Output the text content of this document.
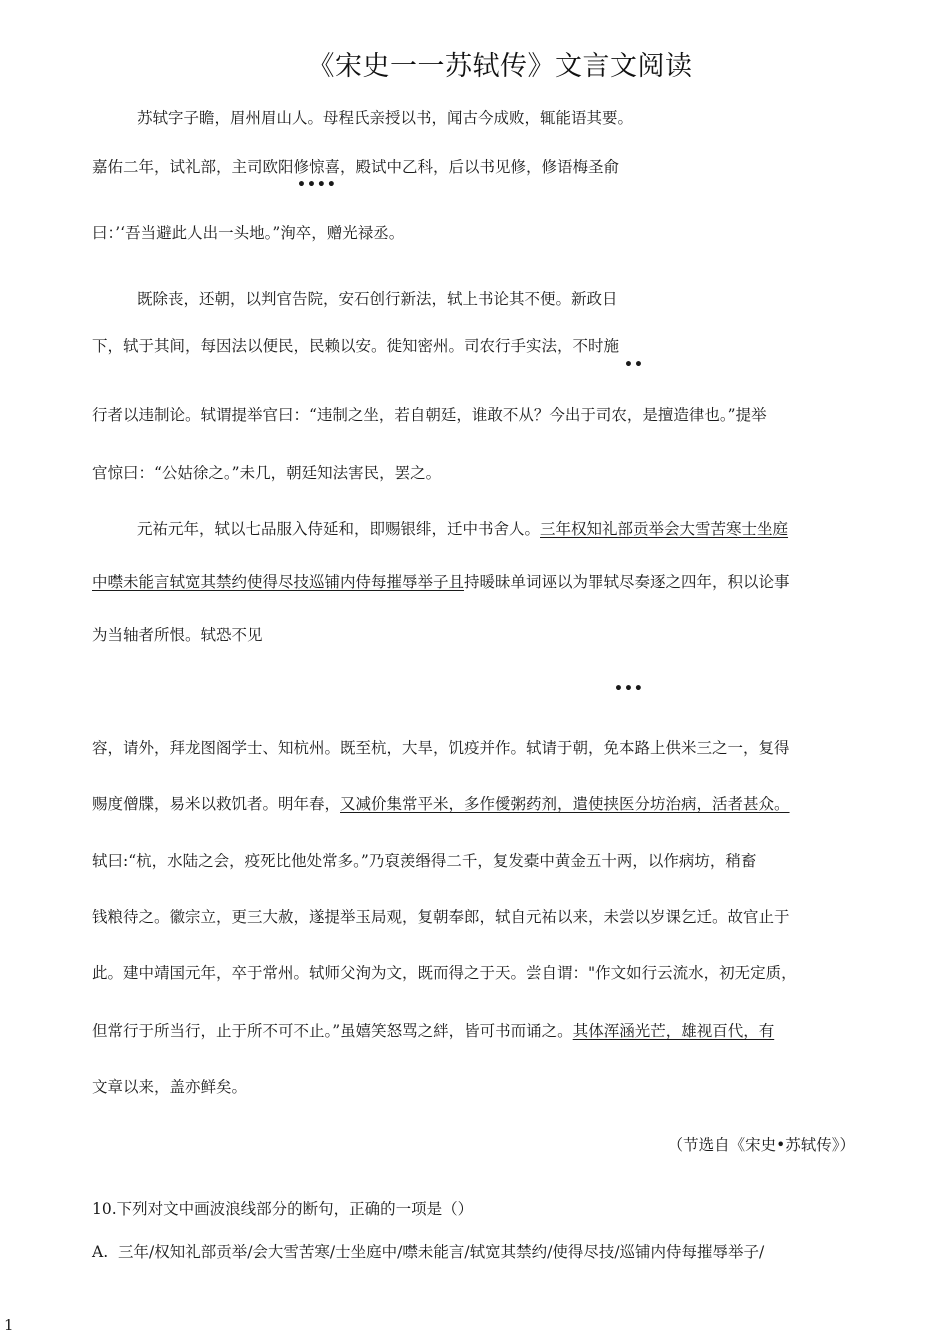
《宋史一一苏轼传》文言文阅读
苏轼字子瞻，眉州眉山人。母程氏亲授以书，闻古今成败，辄能语其要。
嘉佑二年，试礼部，主司欧阳修惊喜，殿试中乙科，后以书见修，修语梅圣俞
••••
曰：’‘吾当避此人出一头地。”洵卒，赠光禄丞。
既除丧，还朝，以判官告院，安石创行新法，轼上书论其不便。新政日
下，轼于其间，每因法以便民，民赖以安。徙知密州。司农行手实法，不时施
••
行者以违制论。轼谓提举官曰：“违制之坐，若自朝廷，谁敢不从？今出于司农，是擅造律也。”提举
官惊曰：“公姑徐之。”未几，朝廷知法害民，罢之。
元祐元年，轼以七品服入侍延和，即赐银绯，迁中书舍人。三年权知礼部贡举会大雪苦寒士坐庭
中噤未能言轼宽其禁约使得尽技巡铺内侍每摧辱举子且持暖昧单词诬以为罪轼尽奏逐之四年，积以论事
为当轴者所恨。轼恐不见
•••
容，请外，拜龙图阁学士、知杭州。既至杭，大旱，饥疫并作。轼请于朝，免本路上供米三之一，复得
赐度僧牒，易米以救饥者。明年春，又减价集常平米，多作僾粥药剂，遣使挟医分坊治病，活者甚众。
轼曰:“杭，水陆之会，疫死比他处常多。”乃裒羡缗得二千，复发橐中黄金五十两，以作病坊，稍畜
钱粮待之。徽宗立，更三大赦，遂提举玉局观，复朝奉郎，轼自元祐以来，未尝以岁课乞迁。故官止于
此。建中靖国元年，卒于常州。轼师父洵为文，既而得之于天。尝自谓："作文如行云流水，初无定质，
但常行于所当行，止于所不可不止。”虽嬉笑怒骂之絆，皆可书而诵之。其体浑涵光芒，雄视百代，有
文章以来，盖亦鲜矣。
（节选自《宋史•苏轼传》）
10.下列对文中画波浪线部分的断句，正确的一项是（）
A. 三年/权知礼部贡举/会大雪苦寒/士坐庭中/噤未能言/轼宽其禁约/使得尽技/巡铺内侍每摧辱举子/
1
